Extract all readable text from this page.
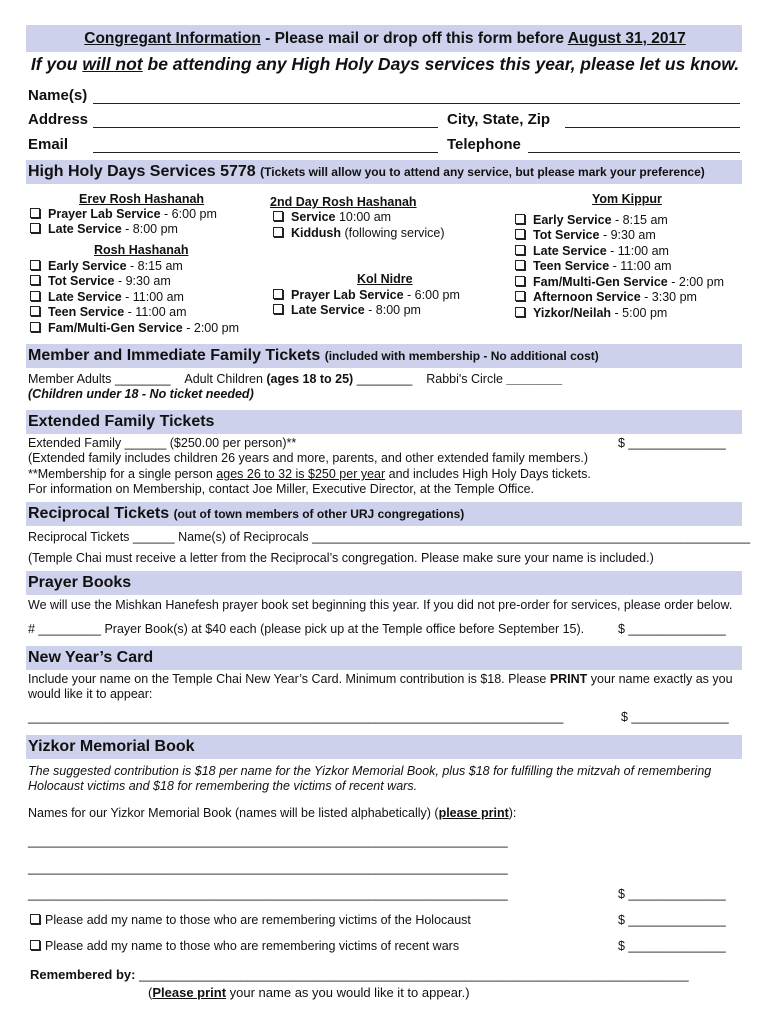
Congregant Information - Please mail or drop off this form before August 31, 2017
If you will not be attending any High Holy Days services this year, please let us know.
Name(s)
Address	City, State, Zip
Email	Telephone
High Holy Days Services 5778 (Tickets will allow you to attend any service, but please mark your preference)
Erev Rosh Hashanah
Prayer Lab Service - 6:00 pm
Late Service - 8:00 pm
Rosh Hashanah
Early Service - 8:15 am
Tot Service - 9:30 am
Late Service - 11:00 am
Teen Service - 11:00 am
Fam/Multi-Gen Service - 2:00 pm
2nd Day Rosh Hashanah
Service 10:00 am
Kiddush (following service)
Kol Nidre
Prayer Lab Service - 6:00 pm
Late Service - 8:00 pm
Yom Kippur
Early Service - 8:15 am
Tot Service - 9:30 am
Late Service - 11:00 am
Teen Service - 11:00 am
Fam/Multi-Gen Service - 2:00 pm
Afternoon Service - 3:30 pm
Yizkor/Neilah - 5:00 pm
Member and Immediate Family Tickets (included with membership - No additional cost)
Member Adults ________ Adult Children (ages 18 to 25) ________ Rabbi's Circle ________
(Children under 18 - No ticket needed)
Extended Family Tickets
Extended Family ______ ($250.00 per person)**	$ ______________
(Extended family includes children 26 years and more, parents, and other extended family members.)
**Membership for a single person ages 26 to 32 is $250 per year and includes High Holy Days tickets.
For information on Membership, contact Joe Miller, Executive Director, at the Temple Office.
Reciprocal Tickets (out of town members of other URJ congregations)
Reciprocal Tickets ______ Name(s) of Reciprocals _______________________________________________________________
(Temple Chai must receive a letter from the Reciprocal’s congregation. Please make sure your name is included.)
Prayer Books
We will use the Mishkan Hanefesh prayer book set beginning this year. If you did not pre-order for services, please order below.
# _________ Prayer Book(s) at $40 each (please pick up at the Temple office before September 15).	$ ______________
New Year’s Card
Include your name on the Temple Chai New Year’s Card. Minimum contribution is $18. Please PRINT your name exactly as you
would like it to appear:
_____________________________________________________________________________	$ ______________
Yizkor Memorial Book
The suggested contribution is $18 per name for the Yizkor Memorial Book, plus $18 for fulfilling the mitzvah of remembering
Holocaust victims and $18 for remembering the victims of recent wars.
Names for our Yizkor Memorial Book (names will be listed alphabetically) (please print):
_____________________________________________________________________
_____________________________________________________________________
_____________________________________________________________________	$ ______________
Please add my name to those who are remembering victims of the Holocaust	$ ______________
Please add my name to those who are remembering victims of recent wars	$ ______________
Remembered by: ____________________________________________________________________________
(Please print your name as you would like it to appear.)
